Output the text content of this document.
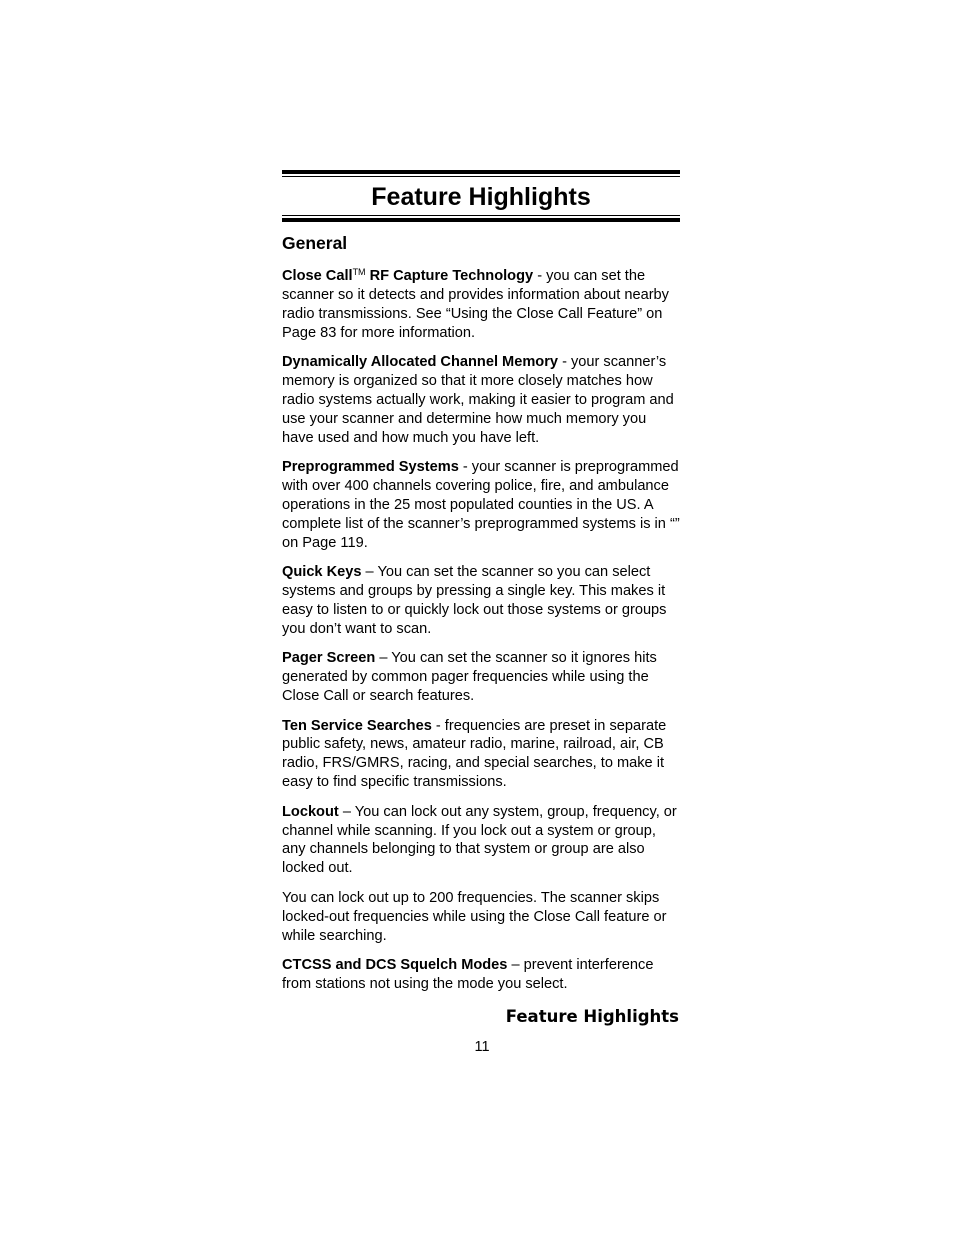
Feature Highlights
General

Close Call™ RF Capture Technology - you can set the scanner so it detects and provides information about nearby radio transmissions. See “Using the Close Call Feature” on Page 83 for more information.

Dynamically Allocated Channel Memory - your scanner’s memory is organized so that it more closely matches how radio systems actually work, making it easier to program and use your scanner and determine how much memory you have used and how much you have left.

Preprogrammed Systems - your scanner is preprogrammed with over 400 channels covering police, fire, and ambulance operations in the 25 most populated counties in the US. A complete list of the scanner’s preprogrammed systems is in “” on Page 119.

Quick Keys – You can set the scanner so you can select systems and groups by pressing a single key. This makes it easy to listen to or quickly lock out those systems or groups you don’t want to scan.

Pager Screen – You can set the scanner so it ignores hits generated by common pager frequencies while using the Close Call or search features.

Ten Service Searches - frequencies are preset in separate public safety, news, amateur radio, marine, railroad, air, CB radio, FRS/GMRS, racing, and special searches, to make it easy to find specific transmissions.

Lockout – You can lock out any system, group, frequency, or channel while scanning. If you lock out a system or group, any channels belonging to that system or group are also locked out.

You can lock out up to 200 frequencies. The scanner skips locked-out frequencies while using the Close Call feature or while searching.

CTCSS and DCS Squelch Modes – prevent interference from stations not using the mode you select.

Feature Highlights
11
